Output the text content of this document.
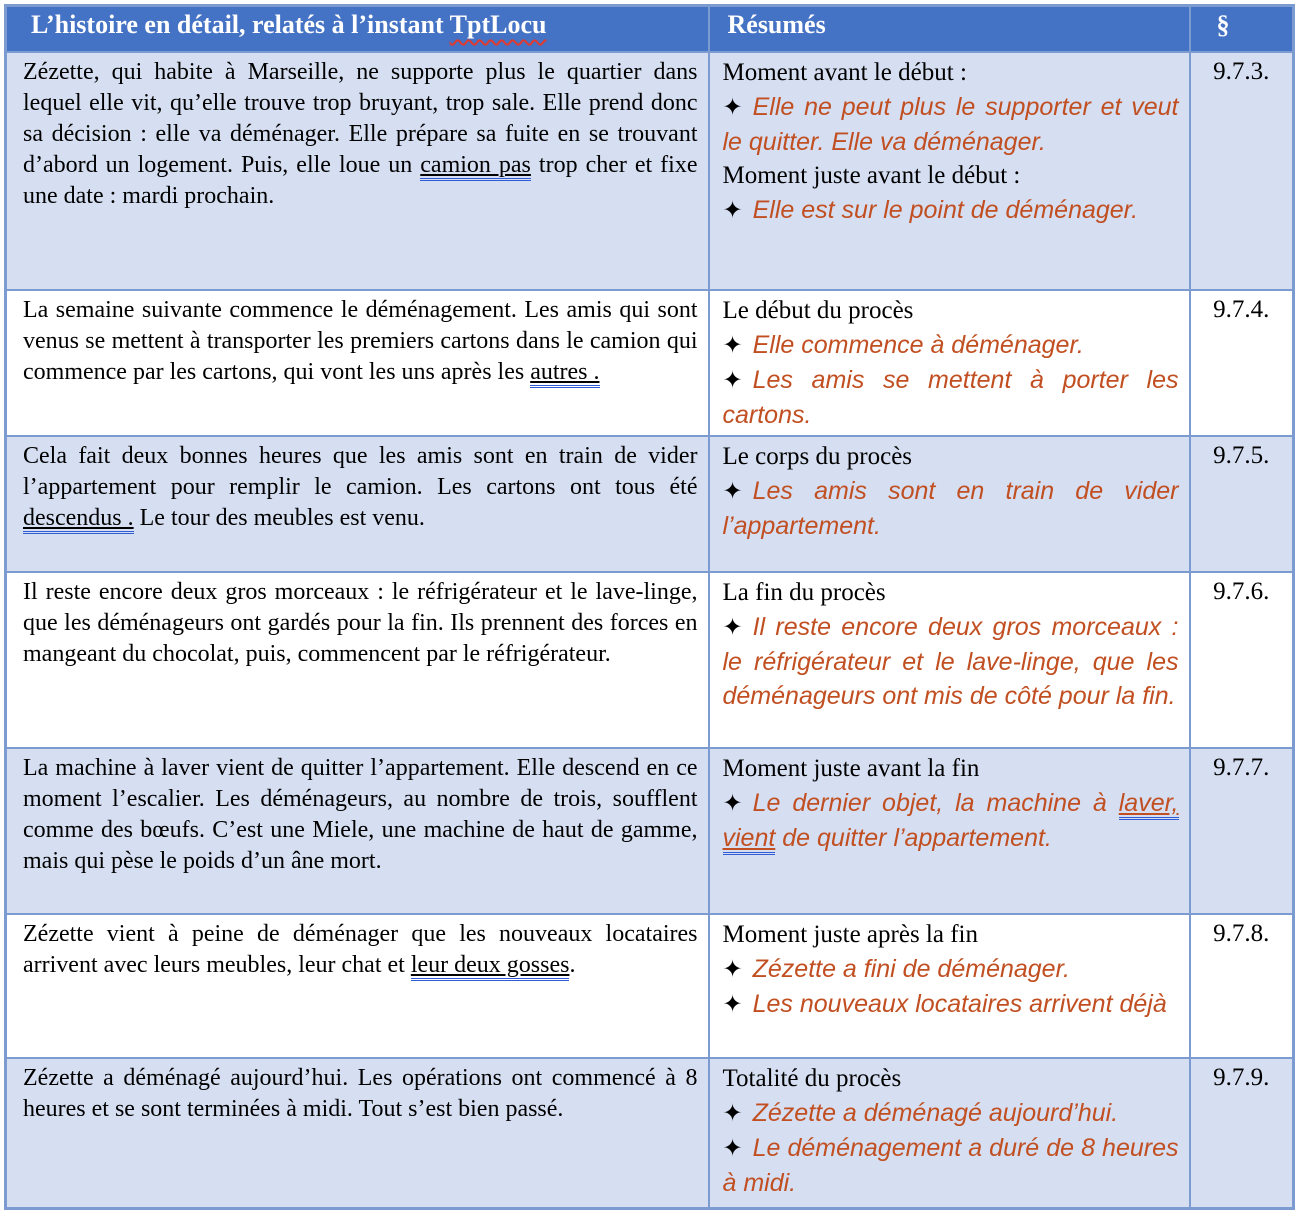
L’histoire en détail, relatés à l’instant TptLocu	Résumés	§
Zézette, qui habite à Marseille, ne supporte plus le quartier dans lequel elle vit, qu’elle trouve trop bruyant, trop sale. Elle prend donc sa décision : elle va déménager. Elle prépare sa fuite en se trouvant d’abord un logement. Puis, elle loue un camion pas trop cher et fixe une date : mardi prochain.	

Moment avant le début :

✦ Elle ne peut plus le supporter et veut le quitter. Elle va déménager.

Moment juste avant le début :

✦ Elle est sur le point de déménager.

	9.7.3.
La semaine suivante commence le déménagement. Les amis qui sont venus se mettent à transporter les premiers cartons dans le camion qui commence par les cartons, qui vont les uns après les autres .	Le début du procès

✦ Elle commence à déménager.

✦ Les amis se mettent à porter les cartons.	9.7.4.
Cela fait deux bonnes heures que les amis sont en train de vider l’appartement pour remplir le camion. Les cartons ont tous été descendus . Le tour des meubles est venu.	Le corps du procès

✦ Les amis sont en train de vider l’appartement.	9.7.5.
Il reste encore deux gros morceaux : le réfrigérateur et le lave-linge, que les déménageurs ont gardés pour la fin. Ils prennent des forces en mangeant du chocolat, puis, commencent par le réfrigérateur.	La fin du procès

✦ Il reste encore deux gros morceaux : le réfrigérateur et le lave-linge, que les déménageurs ont mis de côté pour la fin.	9.7.6.
La machine à laver vient de quitter l’appartement. Elle descend en ce moment l’escalier. Les déménageurs, au nombre de trois, soufflent comme des bœufs. C’est une Miele, une machine de haut de gamme, mais qui pèse le poids d’un âne mort.	Moment juste avant la fin

✦ Le dernier objet, la machine à laver, vient de quitter l’appartement.	9.7.7.
Zézette vient à peine de déménager que les nouveaux locataires arrivent avec leurs meubles, leur chat et leur deux gosses.	Moment juste après la fin

✦ Zézette a fini de déménager.

✦ Les nouveaux locataires arrivent déjà	9.7.8.
Zézette a déménagé aujourd’hui. Les opérations ont commencé à 8 heures et se sont terminées à midi. Tout s’est bien passé.	Totalité du procès

✦ Zézette a déménagé aujourd’hui.

✦ Le déménagement a duré de 8 heures à midi.	9.7.9.
